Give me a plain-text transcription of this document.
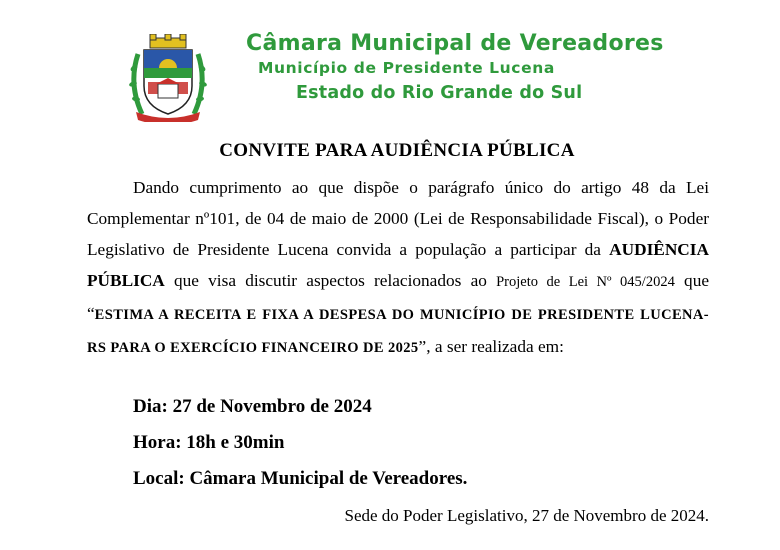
Câmara Municipal de Vereadores
Município de Presidente Lucena
Estado do Rio Grande do Sul
CONVITE PARA AUDIÊNCIA PÚBLICA

Dando cumprimento ao que dispõe o parágrafo único do artigo 48 da Lei Complementar nº101, de 04 de maio de 2000 (Lei de Responsabilidade Fiscal), o Poder Legislativo de Presidente Lucena convida a população a participar da AUDIÊNCIA PÚBLICA que visa discutir aspectos relacionados ao Projeto de Lei Nº 045/2024 que “ESTIMA A RECEITA E FIXA A DESPESA DO MUNICÍPIO DE PRESIDENTE LUCENA-RS PARA O EXERCÍCIO FINANCEIRO DE 2025”, a ser realizada em:

Dia: 27 de Novembro de 2024
Hora: 18h e 30min
Local: Câmara Municipal de Vereadores.
Sede do Poder Legislativo, 27 de Novembro de 2024.
